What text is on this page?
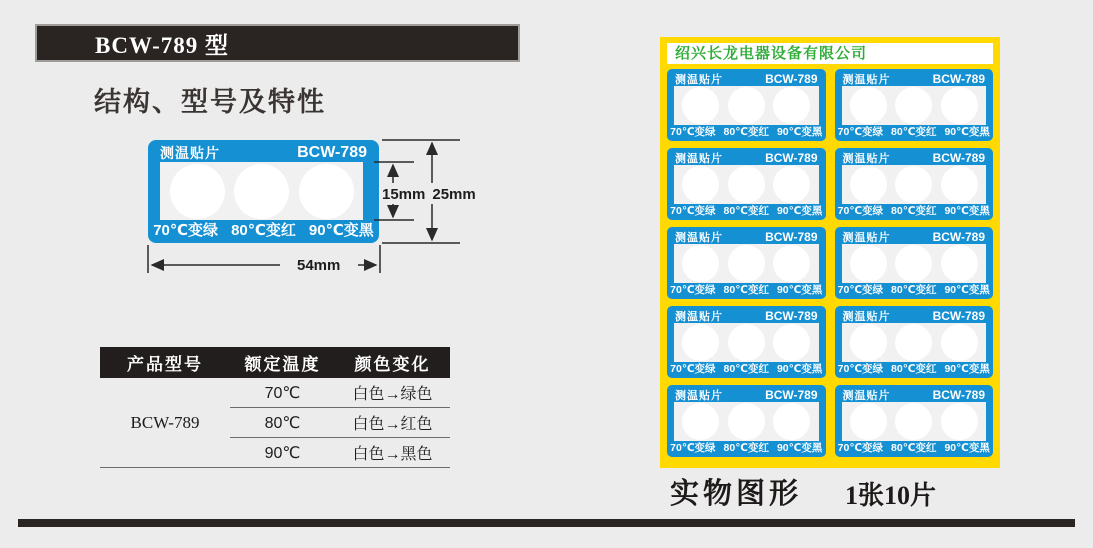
BCW-789 型
结构、型号及特性
测温贴片	BCW-789
70℃变绿 80℃变红 90℃变黑
15mm 25mm
54mm
产品型号	额定温度	颜色变化
BCW-789	70℃	白色→绿色
	80℃	白色→红色
	90℃	白色→黑色
绍兴长龙电器设备有限公司
测温贴片	BCW-789
70℃变绿 80℃变红 90℃变黑
测温贴片	BCW-789
70℃变绿 80℃变红 90℃变黑
测温贴片	BCW-789
70℃变绿 80℃变红 90℃变黑
测温贴片	BCW-789
70℃变绿 80℃变红 90℃变黑
测温贴片	BCW-789
70℃变绿 80℃变红 90℃变黑
测温贴片	BCW-789
70℃变绿 80℃变红 90℃变黑
测温贴片	BCW-789
70℃变绿 80℃变红 90℃变黑
测温贴片	BCW-789
70℃变绿 80℃变红 90℃变黑
测温贴片	BCW-789
70℃变绿 80℃变红 90℃变黑
测温贴片	BCW-789
70℃变绿 80℃变红 90℃变黑
实物图形 1张10片
